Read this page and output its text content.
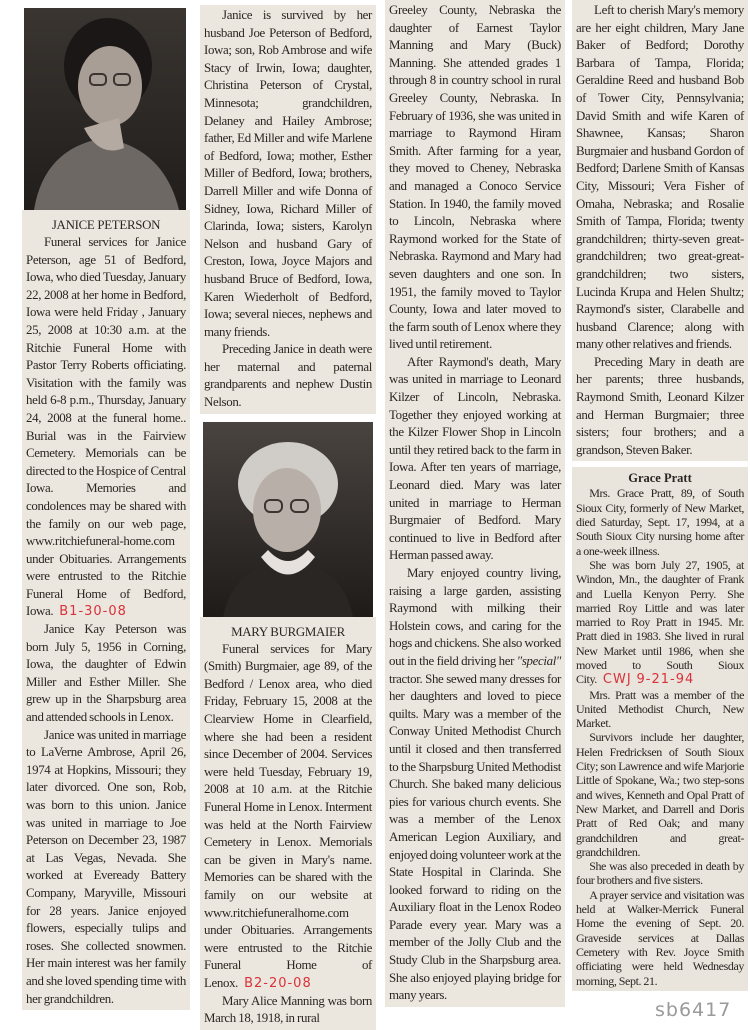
JANICE PETERSON

Funeral services for Janice Peterson, age 51 of Bedford, Iowa, who died Tuesday, January 22, 2008 at her home in Bedford, Iowa were held Friday , January 25, 2008 at 10:30 a.m. at the Ritchie Funeral Home with Pastor Terry Roberts officiating. Visitation with the family was held 6-8 p.m., Thursday, January 24, 2008 at the funeral home.. Burial was in the Fairview Cemetery. Memorials can be directed to the Hospice of Central Iowa. Memories and condolences may be shared with the family on our web page, www.ritchiefuneral-home.com under Obituaries. Arrangements were entrusted to the Ritchie Funeral Home of Bedford, Iowa. B1-30-08

Janice Kay Peterson was born July 5, 1956 in Corning, Iowa, the daughter of Edwin Miller and Esther Miller. She grew up in the Sharpsburg area and attended schools in Lenox.

Janice was united in marriage to LaVerne Ambrose, April 26, 1974 at Hopkins, Missouri; they later divorced. One son, Rob, was born to this union. Janice was united in marriage to Joe Peterson on December 23, 1987 at Las Vegas, Nevada. She worked at Eveready Battery Company, Maryville, Missouri for 28 years. Janice enjoyed flowers, especially tulips and roses. She collected snowmen. Her main interest was her family and she loved spending time with her grandchildren.

Janice is survived by her husband Joe Peterson of Bedford, Iowa; son, Rob Ambrose and wife Stacy of Irwin, Iowa; daughter, Christina Peterson of Crystal, Minnesota; grandchildren, Delaney and Hailey Ambrose; father, Ed Miller and wife Marlene of Bedford, Iowa; mother, Esther Miller of Bedford, Iowa; brothers, Darrell Miller and wife Donna of Sidney, Iowa, Richard Miller of Clarinda, Iowa; sisters, Karolyn Nelson and husband Gary of Creston, Iowa, Joyce Majors and husband Bruce of Bedford, Iowa, Karen Wiederholt of Bedford, Iowa; several nieces, nephews and many friends.

Preceding Janice in death were her maternal and paternal grandparents and nephew Dustin Nelson.

MARY BURGMAIER

Funeral services for Mary (Smith) Burgmaier, age 89, of the Bedford / Lenox area, who died Friday, February 15, 2008 at the Clearview Home in Clearfield, where she had been a resident since December of 2004. Services were held Tuesday, February 19, 2008 at 10 a.m. at the Ritchie Funeral Home in Lenox. Interment was held at the North Fairview Cemetery in Lenox. Memorials can be given in Mary's name. Memories can be shared with the family on our website at www.ritchiefuneralhome.com under Obituaries. Arrangements were entrusted to the Ritchie Funeral Home of Lenox. B2-20-08

Mary Alice Manning was born March 18, 1918, in rural

Greeley County, Nebraska the daughter of Earnest Taylor Manning and Mary (Buck) Manning. She attended grades 1 through 8 in country school in rural Greeley County, Nebraska. In February of 1936, she was united in marriage to Raymond Hiram Smith. After farming for a year, they moved to Cheney, Nebraska and managed a Conoco Service Station. In 1940, the family moved to Lincoln, Nebraska where Raymond worked for the State of Nebraska. Raymond and Mary had seven daughters and one son. In 1951, the family moved to Taylor County, Iowa and later moved to the farm south of Lenox where they lived until retirement.

After Raymond's death, Mary was united in marriage to Leonard Kilzer of Lincoln, Nebraska. Together they enjoyed working at the Kilzer Flower Shop in Lincoln until they retired back to the farm in Iowa. After ten years of marriage, Leonard died. Mary was later united in marriage to Herman Burgmaier of Bedford. Mary continued to live in Bedford after Herman passed away.

Mary enjoyed country living, raising a large garden, assisting Raymond with milking their Holstein cows, and caring for the hogs and chickens. She also worked out in the field driving her "special" tractor. She sewed many dresses for her daughters and loved to piece quilts. Mary was a member of the Conway United Methodist Church until it closed and then transferred to the Sharpsburg United Methodist Church. She baked many delicious pies for various church events. She was a member of the Lenox American Legion Auxiliary, and enjoyed doing volunteer work at the State Hospital in Clarinda. She looked forward to riding on the Auxiliary float in the Lenox Rodeo Parade every year. Mary was a member of the Jolly Club and the Study Club in the Sharpsburg area. She also enjoyed playing bridge for many years.

Left to cherish Mary's memory are her eight children, Mary Jane Baker of Bedford; Dorothy Barbara of Tampa, Florida; Geraldine Reed and husband Bob of Tower City, Pennsylvania; David Smith and wife Karen of Shawnee, Kansas; Sharon Burgmaier and husband Gordon of Bedford; Darlene Smith of Kansas City, Missouri; Vera Fisher of Omaha, Nebraska; and Rosalie Smith of Tampa, Florida; twenty grandchildren; thirty-seven great-grandchildren; two great-great-grandchildren; two sisters, Lucinda Krupa and Helen Shultz; Raymond's sister, Clarabelle and husband Clarence; along with many other relatives and friends.

Preceding Mary in death are her parents; three husbands, Raymond Smith, Leonard Kilzer and Herman Burgmaier; three sisters; four brothers; and a grandson, Steven Baker.

Grace Pratt

Mrs. Grace Pratt, 89, of South Sioux City, formerly of New Market, died Saturday, Sept. 17, 1994, at a South Sioux City nursing home after a one-week illness.

She was born July 27, 1905, at Windon, Mn., the daughter of Frank and Luella Kenyon Perry. She married Roy Little and was later married to Roy Pratt in 1945. Mr. Pratt died in 1983. She lived in rural New Market until 1986, when she moved to South Sioux City. CWJ 9-21-94

Mrs. Pratt was a member of the United Methodist Church, New Market.

Survivors include her daughter, Helen Fredricksen of South Sioux City; son Lawrence and wife Marjorie Little of Spokane, Wa.; two step-sons and wives, Kenneth and Opal Pratt of New Market, and Darrell and Doris Pratt of Red Oak; and many grandchildren and great-grandchildren.

She was also preceded in death by four brothers and five sisters.

A prayer service and visitation was held at Walker-Merrick Funeral Home the evening of Sept. 20. Graveside services at Dallas Cemetery with Rev. Joyce Smith officiating were held Wednesday morning, Sept. 21.

sb6417
